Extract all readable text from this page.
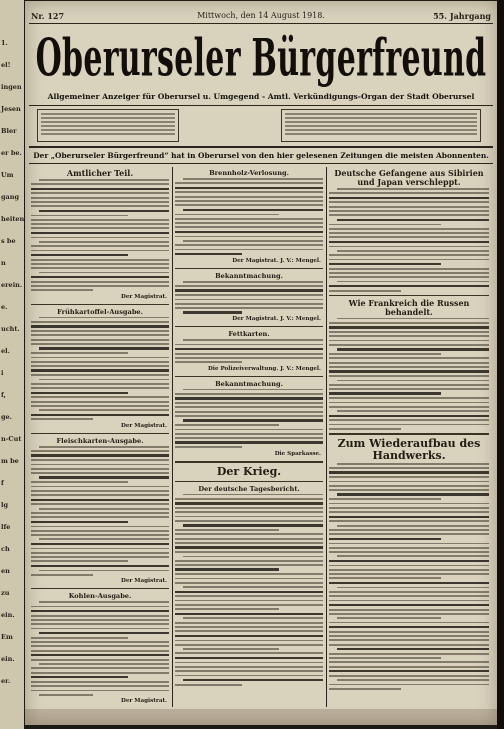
1.
el!
ingen
Jesen
Bler
er be.
Um
gang
heiten
s be
n
erein.
e.
ucht.
el.
i
f,
ge.
n-Cut
m be
f
lg
lfe
ch
en
zu
ein.
Em
ein.
er.
Nr. 127	Mittwoch, den 14 August 1918.	55. Jahrgang
Oberurseler Bürgerfreund
Allgemeiner Anzeiger für Oberursel u. Umgegend - Amtl. Verkündigungs-Organ der Stadt Oberursel
Der „Oberurseler Bürgerfreund“ hat in Oberursel von den hier gelesenen Zeitungen die meisten Abonnenten.
Amtlicher Teil.
Der Magistrat.
Frühkartoffel-Ausgabe.
Der Magistrat.
Fleischkarten-Ausgabe.
Der Magistrat.
Kohlen-Ausgabe.
Der Magistrat.
Brennholz-Verlosung.
Der Magistrat. J. V.: Mengel.
Bekanntmachung.
Der Magistrat. J. V.: Mengel.
Fettkarten.
Die Polizeiverwaltung. J. V.: Mengel.
Bekanntmachung.
Die Sparkasse.
Der Krieg.
Der deutsche Tagesbericht.
Deutsche Gefangene aus Sibirien und Japan verschleppt.
Wie Frankreich die Russen behandelt.
Zum Wiederaufbau des Handwerks.
